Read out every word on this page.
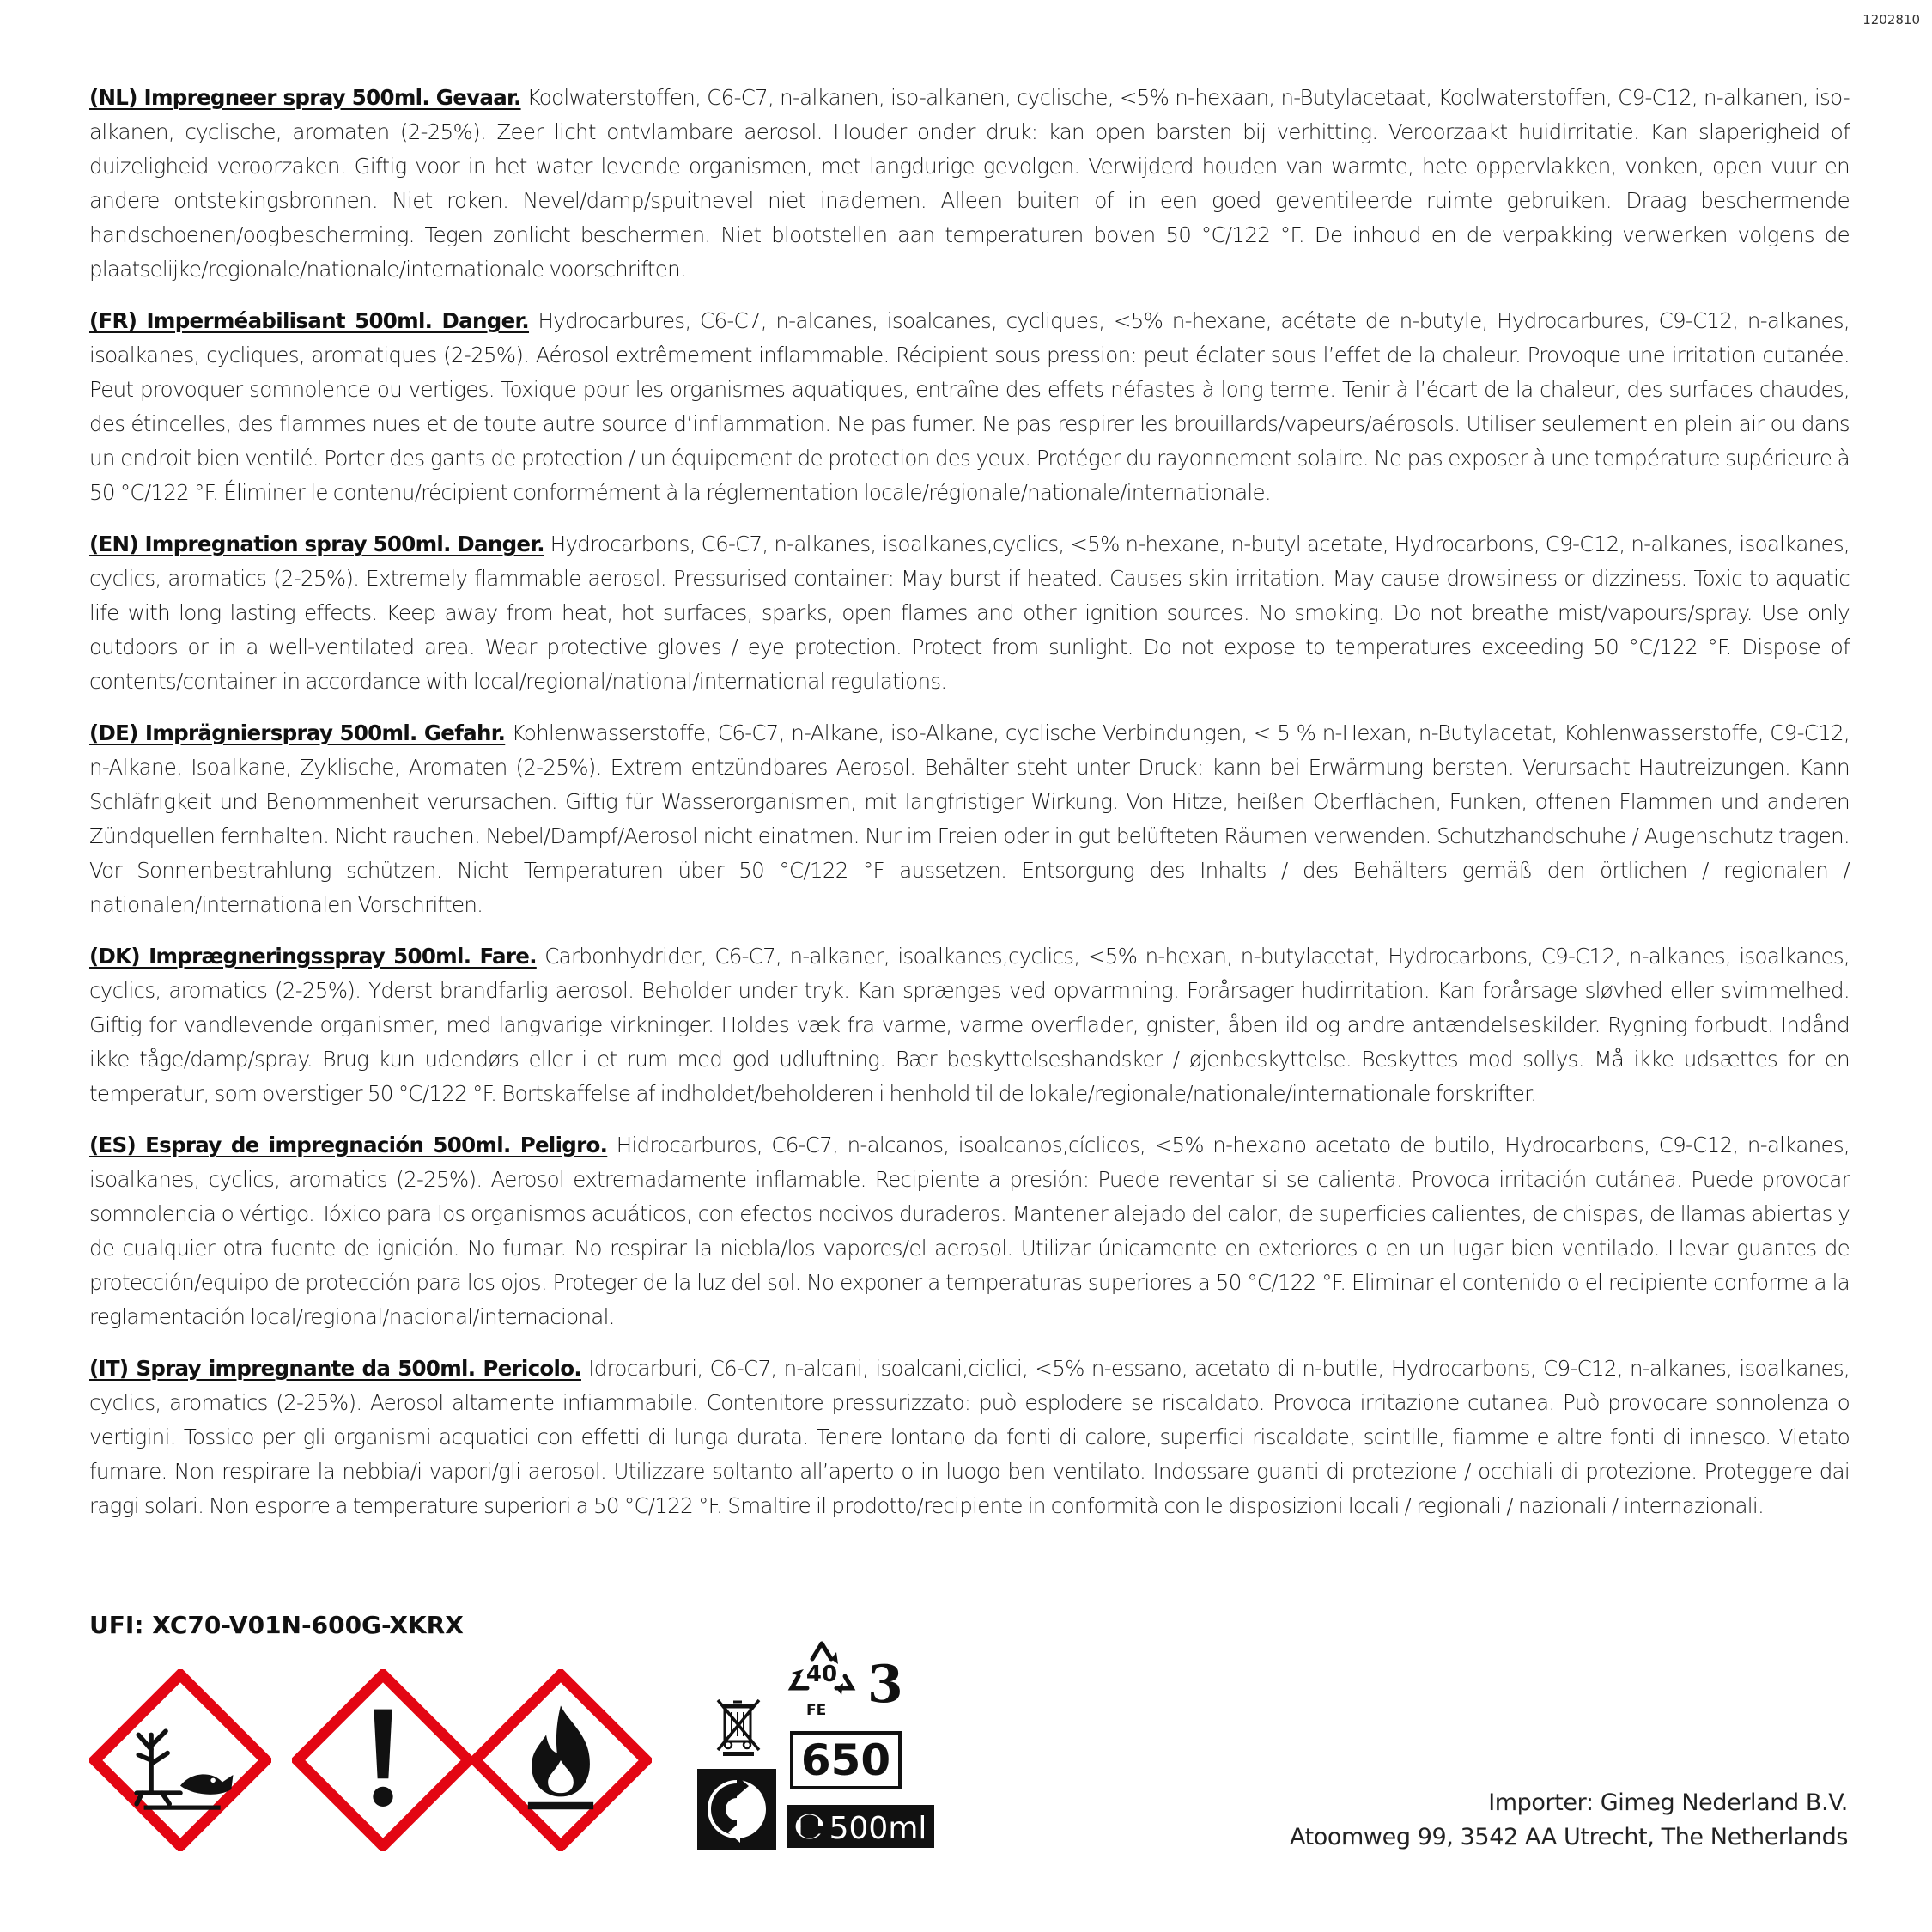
1202810

(NL) Impregneer spray 500ml. Gevaar. Koolwaterstoffen, C6-C7, n-alkanen, iso-alkanen, cyclische, <5% n-hexaan, n-Butylacetaat, Koolwaterstoffen, C9-C12, n-alkanen, iso-alkanen, cyclische, aromaten (2-25%). Zeer licht ontvlambare aerosol. Houder onder druk: kan open barsten bij verhitting. Veroorzaakt huidirritatie. Kan slaperigheid of duizeligheid veroorzaken. Giftig voor in het water levende organismen, met langdurige gevolgen. Verwijderd houden van warmte, hete oppervlakken, vonken, open vuur en andere ontstekingsbronnen. Niet roken. Nevel/damp/spuitnevel niet inademen. Alleen buiten of in een goed geventileerde ruimte gebruiken. Draag beschermende handschoenen/oogbescherming. Tegen zonlicht beschermen. Niet blootstellen aan temperaturen boven 50 °C/122 °F. De inhoud en de verpakking verwerken volgens de plaatselijke/regionale/nationale/internationale voorschriften.

(FR) Imperméabilisant 500ml. Danger. Hydrocarbures, C6-C7, n-alcanes, isoalcanes, cycliques, <5% n-hexane, acétate de n-butyle, Hydrocarbures, C9-C12, n-alkanes, isoalkanes, cycliques, aromatiques (2-25%). Aérosol extrêmement inflammable. Récipient sous pression: peut éclater sous l’effet de la chaleur. Provoque une irritation cutanée. Peut provoquer somnolence ou vertiges. Toxique pour les organismes aquatiques, entraîne des effets néfastes à long terme. Tenir à l’écart de la chaleur, des surfaces chaudes, des étincelles, des flammes nues et de toute autre source d’inflammation. Ne pas fumer. Ne pas respirer les brouillards/vapeurs/aérosols. Utiliser seulement en plein air ou dans un endroit bien ventilé. Porter des gants de protection / un équipement de protection des yeux. Protéger du rayonnement solaire. Ne pas exposer à une température supérieure à 50 °C/122 °F. Éliminer le contenu/récipient conformément à la réglementation locale/régionale/nationale/internationale.

(EN) Impregnation spray 500ml. Danger. Hydrocarbons, C6-C7, n-alkanes, isoalkanes,cyclics, <5% n-hexane, n-butyl acetate, Hydrocarbons, C9-C12, n-alkanes, isoalkanes, cyclics, aromatics (2-25%). Extremely flammable aerosol. Pressurised container: May burst if heated. Causes skin irritation. May cause drowsiness or dizziness. Toxic to aquatic life with long lasting effects. Keep away from heat, hot surfaces, sparks, open flames and other ignition sources. No smoking. Do not breathe mist/vapours/spray. Use only outdoors or in a well-ventilated area. Wear protective gloves / eye protection. Protect from sunlight. Do not expose to temperatures exceeding 50 °C/122 °F. Dispose of contents/container in accordance with local/regional/national/international regulations.

(DE) Imprägnierspray 500ml. Gefahr. Kohlenwasserstoffe, C6-C7, n-Alkane, iso-Alkane, cyclische Verbindungen, < 5 % n-Hexan, n-Butylacetat, Kohlenwasserstoffe, C9-C12, n-Alkane, Isoalkane, Zyklische, Aromaten (2-25%). Extrem entzündbares Aerosol. Behälter steht unter Druck: kann bei Erwärmung bersten. Verursacht Hautreizungen. Kann Schläfrigkeit und Benommenheit verursachen. Giftig für Wasserorganismen, mit langfristiger Wirkung. Von Hitze, heißen Oberflächen, Funken, offenen Flammen und anderen Zündquellen fernhalten. Nicht rauchen. Nebel/Dampf/Aerosol nicht einatmen. Nur im Freien oder in gut belüfteten Räumen verwenden. Schutzhandschuhe / Augenschutz tragen. Vor Sonnenbestrahlung schützen. Nicht Temperaturen über 50 °C/122 °F aussetzen. Entsorgung des Inhalts / des Behälters gemäß den örtlichen / regionalen / nationalen/internationalen Vorschriften.

(DK) Imprægneringsspray 500ml. Fare. Carbonhydrider, C6-C7, n-alkaner, isoalkanes,cyclics, <5% n-hexan, n-butylacetat, Hydrocarbons, C9-C12, n-alkanes, isoalkanes, cyclics, aromatics (2-25%). Yderst brandfarlig aerosol. Beholder under tryk. Kan sprænges ved opvarmning. Forårsager hudirritation. Kan forårsage sløvhed eller svimmelhed. Giftig for vandlevende organismer, med langvarige virkninger. Holdes væk fra varme, varme overflader, gnister, åben ild og andre antændelseskilder. Rygning forbudt. Indånd ikke tåge/damp/spray. Brug kun udendørs eller i et rum med god udluftning. Bær beskyttelseshandsker / øjenbeskyttelse. Beskyttes mod sollys. Må ikke udsættes for en temperatur, som overstiger 50 °C/122 °F. Bortskaffelse af indholdet/beholderen i henhold til de lokale/regionale/nationale/internationale forskrifter.

(ES) Espray de impregnación 500ml. Peligro. Hidrocarburos, C6-C7, n-alcanos, isoalcanos,cíclicos, <5% n-hexano acetato de butilo, Hydrocarbons, C9-C12, n-alkanes, isoalkanes, cyclics, aromatics (2-25%). Aerosol extremadamente inflamable. Recipiente a presión: Puede reventar si se calienta. Provoca irritación cutánea. Puede provocar somnolencia o vértigo. Tóxico para los organismos acuáticos, con efectos nocivos duraderos. Mantener alejado del calor, de superficies calientes, de chispas, de llamas abiertas y de cualquier otra fuente de ignición. No fumar. No respirar la niebla/los vapores/el aerosol. Utilizar únicamente en exteriores o en un lugar bien ventilado. Llevar guantes de protección/equipo de protección para los ojos. Proteger de la luz del sol. No exponer a temperaturas superiores a 50 °C/122 °F. Eliminar el contenido o el recipiente conforme a la reglamentación local/regional/nacional/internacional.

(IT) Spray impregnante da 500ml. Pericolo. Idrocarburi, C6-C7, n-alcani, isoalcani,ciclici, <5% n-essano, acetato di n-butile, Hydrocarbons, C9-C12, n-alkanes, isoalkanes, cyclics, aromatics (2-25%). Aerosol altamente infiammabile. Contenitore pressurizzato: può esplodere se riscaldato. Provoca irritazione cutanea. Può provocare sonnolenza o vertigini. Tossico per gli organismi acquatici con effetti di lunga durata. Tenere lontano da fonti di calore, superfici riscaldate, scintille, fiamme e altre fonti di innesco. Vietato fumare. Non respirare la nebbia/i vapori/gli aerosol. Utilizzare soltanto all’aperto o in luogo ben ventilato. Indossare guanti di protezione / occhiali di protezione. Proteggere dai raggi solari. Non esporre a temperature superiori a 50 °C/122 °F. Smaltire il prodotto/recipiente in conformità con le disposizioni locali / regionali / nazionali / internazionali.

UFI: XC70-V01N-600G-XKRX
40
FE 3
650
℮ 500ml
Importer: Gimeg Nederland B.V.
Atoomweg 99, 3542 AA Utrecht, The Netherlands
